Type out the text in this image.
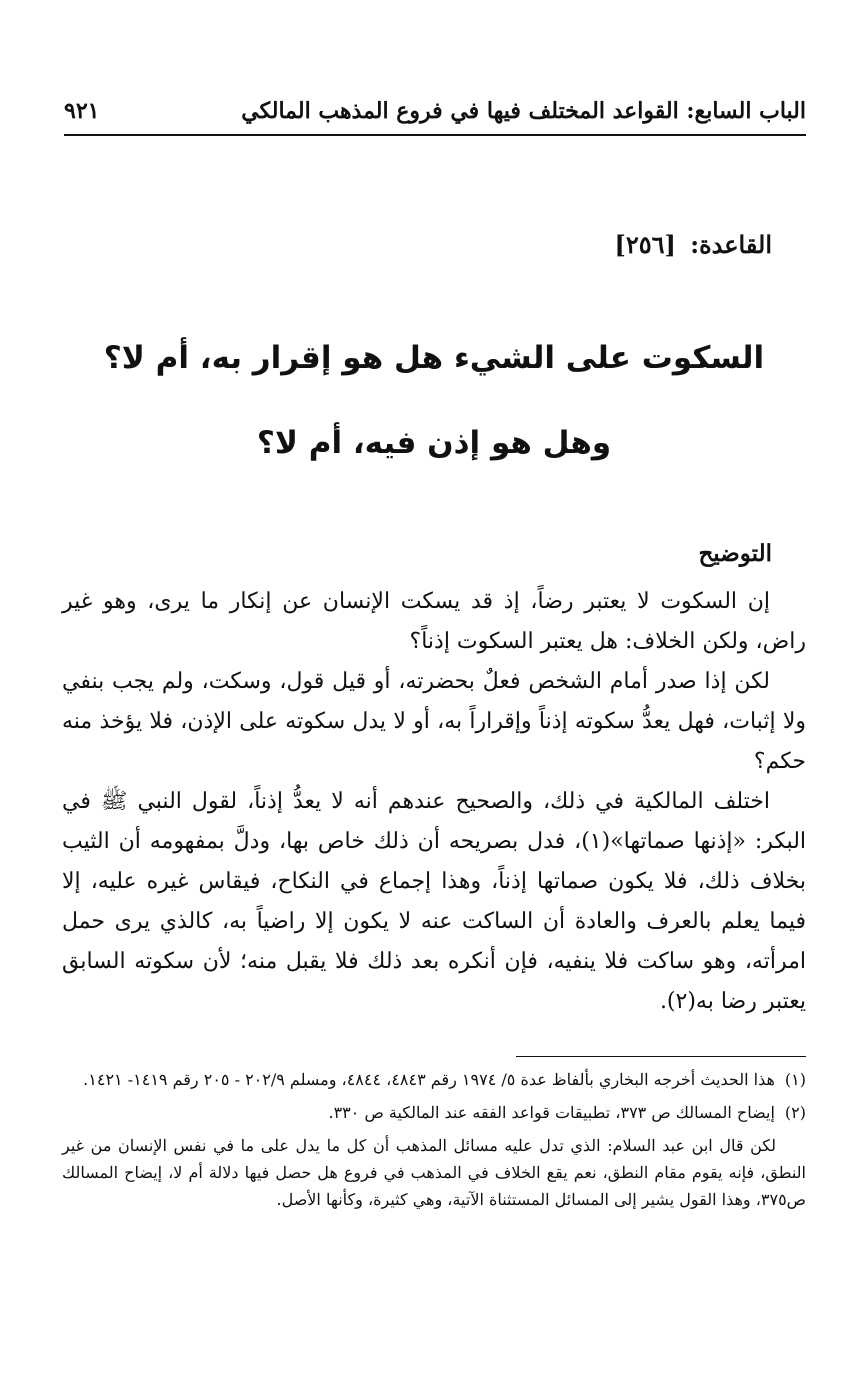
الباب السابع: القواعد المختلف فيها في فروع المذهب المالكي
٩٢١
القاعدة: [٢٥٦]
السكوت على الشيء هل هو إقرار به، أم لا؟
وهل هو إذن فيه، أم لا؟
التوضيح

إن السكوت لا يعتبر رضاً، إذ قد يسكت الإنسان عن إنكار ما يرى، وهو غير راض، ولكن الخلاف: هل يعتبر السكوت إذناً؟

لكن إذا صدر أمام الشخص فعلٌ بحضرته، أو قيل قول، وسكت، ولم يجب بنفي ولا إثبات، فهل يعدُّ سكوته إذناً وإقراراً به، أو لا يدل سكوته على الإذن، فلا يؤخذ منه حكم؟

اختلف المالكية في ذلك، والصحيح عندهم أنه لا يعدُّ إذناً، لقول النبي ﷺ في البكر: «إذنها صماتها»(١)، فدل بصريحه أن ذلك خاص بها، ودلَّ بمفهومه أن الثيب بخلاف ذلك، فلا يكون صماتها إذناً، وهذا إجماع في النكاح، فيقاس غيره عليه، إلا فيما يعلم بالعرف والعادة أن الساكت عنه لا يكون إلا راضياً به، كالذي يرى حمل امرأته، وهو ساكت فلا ينفيه، فإن أنكره بعد ذلك فلا يقبل منه؛ لأن سكوته السابق يعتبر رضا به(٢).

(١)هذا الحديث أخرجه البخاري بألفاظ عدة ٥/ ١٩٧٤ رقم ٤٨٤٣، ٤٨٤٤، ومسلم ٢٠٢/٩ - ٢٠٥ رقم ١٤١٩- ١٤٢١.

(٢)إيضاح المسالك ص ٣٧٣، تطبيقات قواعد الفقه عند المالكية ص ٣٣٠.

لكن قال ابن عبد السلام: الذي تدل عليه مسائل المذهب أن كل ما يدل على ما في نفس الإنسان من غير النطق، فإنه يقوم مقام النطق، نعم يقع الخلاف في المذهب في فروع هل حصل فيها دلالة أم لا، إيضاح المسالك ص٣٧٥، وهذا القول يشير إلى المسائل المستثناة الآتية، وهي كثيرة، وكأنها الأصل.
